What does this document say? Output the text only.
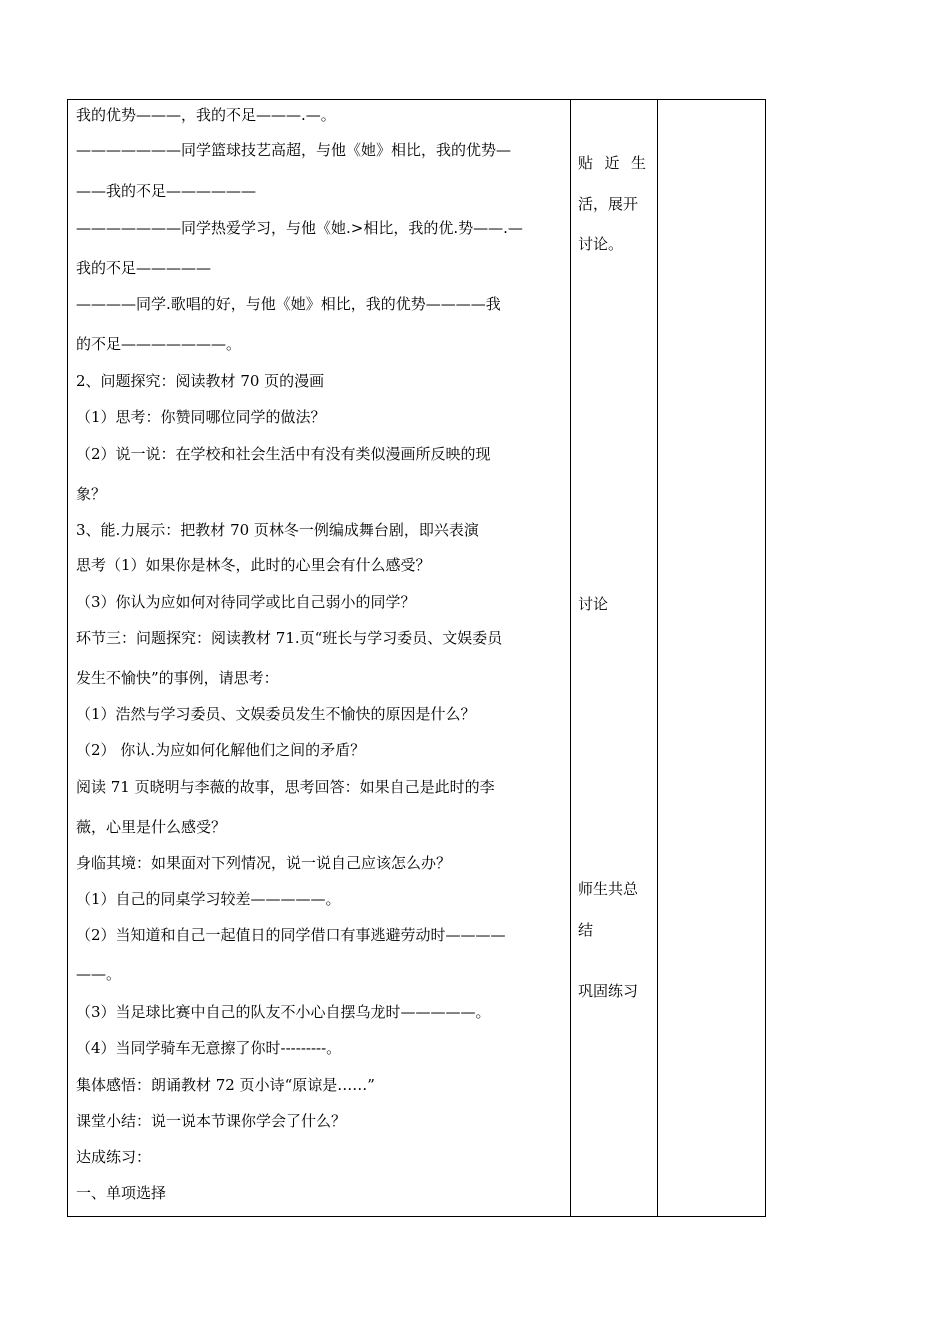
我的优势———，我的不足———.—。
———————同学篮球技艺高超，与他《她》相比，我的优势—
——我的不足——————
———————同学热爱学习，与他《她.>相比，我的优.势——.—
我的不足—————
————同学.歌唱的好，与他《她》相比，我的优势————我
的不足———————。
2、问题探究：阅读教材 70 页的漫画
（1）思考：你赞同哪位同学的做法？
（2）说一说：在学校和社会生活中有没有类似漫画所反映的现
象？
3、能.力展示：把教材 70 页林冬一例编成舞台剧，即兴表演
思考（1）如果你是林冬，此时的心里会有什么感受？
（3）你认为应如何对待同学或比自己弱小的同学？
环节三：问题探究：阅读教材 71.页“班长与学习委员、文娱委员
发生不愉快”的事例，请思考：
（1）浩然与学习委员、文娱委员发生不愉快的原因是什么？
（2） 你认.为应如何化解他们之间的矛盾？
阅读 71 页晓明与李薇的故事，思考回答：如果自己是此时的李
薇，心里是什么感受？
身临其境：如果面对下列情况，说一说自己应该怎么办？
（1）自己的同桌学习较差—————。
（2）当知道和自己一起值日的同学借口有事逃避劳动时————
——。
（3）当足球比赛中自己的队友不小心自摆乌龙时—————。
（4）当同学骑车无意擦了你时---------。
集体感悟：朗诵教材 72 页小诗“原谅是……”
课堂小结：说一说本节课你学会了什么？
达成练习：
一、单项选择
贴近生
活，展开
讨论。
讨论
师生共总
结
巩固练习
